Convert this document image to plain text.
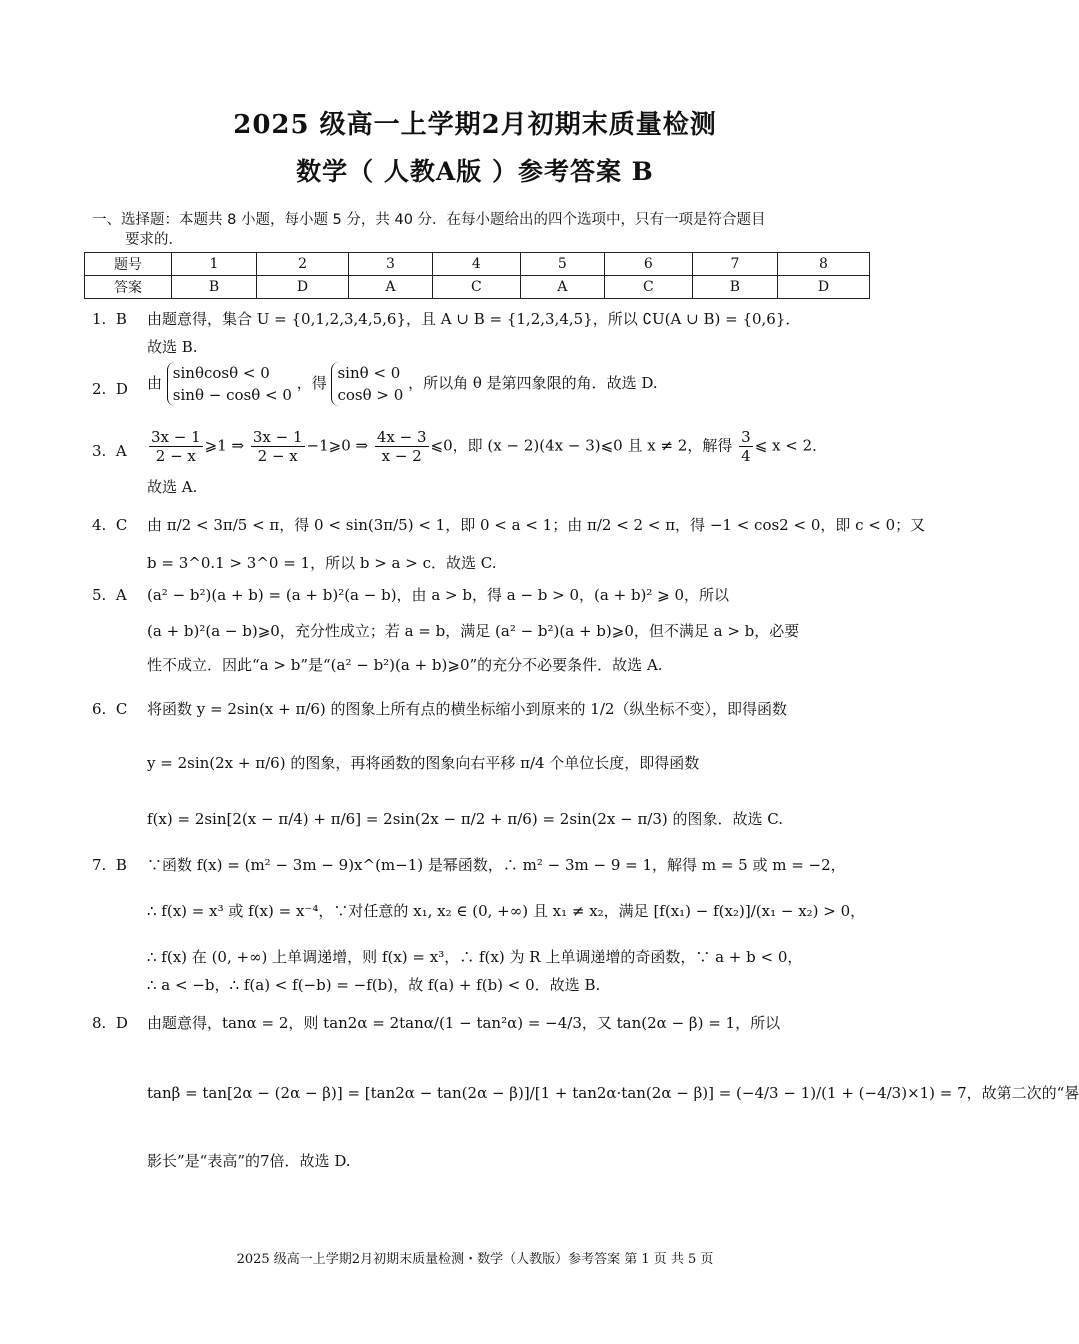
2025 级高一上学期2月初期末质量检测
数学（ 人教A版 ）参考答案 B
一、选择题：本题共 8 小题，每小题 5 分，共 40 分．在每小题给出的四个选项中，只有一项是符合题目
要求的．
题号	1	2	3	4	5	6	7	8
答案	B	D	A	C	A	C	B	D
1. B	由题意得，集合 U = {0,1,2,3,4,5,6}，且 A ∪ B = {1,2,3,4,5}，所以 ∁U(A ∪ B) = {0,6}．
故选 B.
2. D	由
sinθcosθ < 0
sinθ − cosθ < 0
，得
sinθ < 0
cosθ > 0
，所以角 θ 是第四象限的角．故选 D.
3. A	$\frac{3x - 1}{2 - x}$ ⩾1 ⇒ $\frac{3x - 1}{2 - x}$ −1⩾0 ⇒ $\frac{4x - 3}{x - 2}$ ⩽0，即 (x − 2)(4x − 3)⩽0 且 x ≠ 2，解得 $\frac{3}{4}$ ⩽ x < 2．
故选 A.
4. C	由 π/2 < 3π/5 < π，得 0 < sin(3π/5) < 1，即 0 < a < 1；由 π/2 < 2 < π，得 −1 < cos2 < 0，即 c < 0；又
b = 3^0.1 > 3^0 = 1，所以 b > a > c．故选 C.
5. A	(a² − b²)(a + b) = (a + b)²(a − b)，由 a > b，得 a − b > 0，(a + b)² ⩾ 0，所以
(a + b)²(a − b)⩾0，充分性成立；若 a = b，满足 (a² − b²)(a + b)⩾0，但不满足 a > b，必要
性不成立．因此“a > b”是“(a² − b²)(a + b)⩾0”的充分不必要条件．故选 A.
6. C	将函数 y = 2sin(x + π/6) 的图象上所有点的横坐标缩小到原来的 1/2（纵坐标不变），即得函数
y = 2sin(2x + π/6) 的图象，再将函数的图象向右平移 π/4 个单位长度，即得函数
f(x) = 2sin[2(x − π/4) + π/6] = 2sin(2x − π/2 + π/6) = 2sin(2x − π/3) 的图象．故选 C.
7. B	∵函数 f(x) = (m² − 3m − 9)x^(m−1) 是幂函数，∴ m² − 3m − 9 = 1，解得 m = 5 或 m = −2，
∴ f(x) = x³ 或 f(x) = x⁻⁴，∵对任意的 x₁, x₂ ∈ (0, +∞) 且 x₁ ≠ x₂，满足 [f(x₁) − f(x₂)]/(x₁ − x₂) > 0，
∴ f(x) 在 (0, +∞) 上单调递增，则 f(x) = x³，∴ f(x) 为 R 上单调递增的奇函数，∵ a + b < 0，
∴ a < −b，∴ f(a) < f(−b) = −f(b)，故 f(a) + f(b) < 0．故选 B.
8. D	由题意得，tanα = 2，则 tan2α = 2tanα/(1 − tan²α) = −4/3，又 tan(2α − β) = 1，所以
tanβ = tan[2α − (2α − β)] = [tan2α − tan(2α − β)]/[1 + tan2α·tan(2α − β)] = (−4/3 − 1)/(1 + (−4/3)×1) = 7，故第二次的“晷
影长”是“表高”的7倍．故选 D.
2025 级高一上学期2月初期末质量检测・数学（人教版）参考答案 第 1 页 共 5 页
